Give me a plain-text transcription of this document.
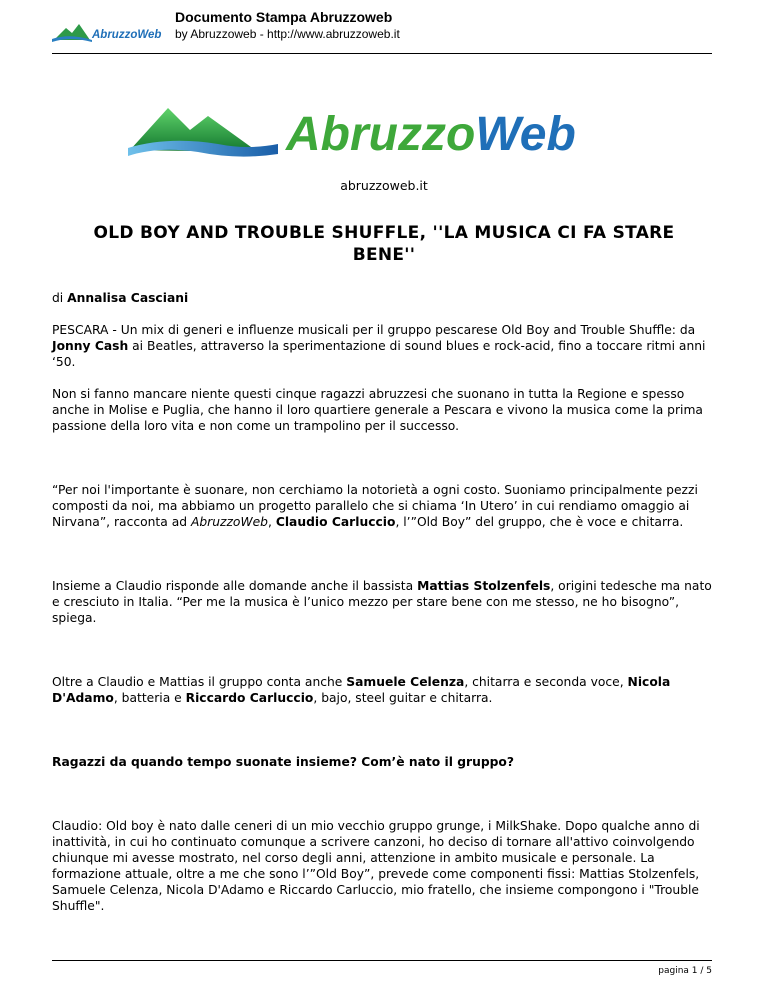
AbruzzoWeb
Documento Stampa Abruzzoweb
by Abruzzoweb - http://www.abruzzoweb.it
AbruzzoWeb
abruzzoweb.it
OLD BOY AND TROUBLE SHUFFLE, ''LA MUSICA CI FA STARE BENE''

di Annalisa Casciani

PESCARA - Un mix di generi e influenze musicali per il gruppo pescarese Old Boy and Trouble Shuffle: da Jonny Cash ai Beatles, attraverso la sperimentazione di sound blues e rock-acid, fino a toccare ritmi anni ‘50.

Non si fanno mancare niente questi cinque ragazzi abruzzesi che suonano in tutta la Regione e spesso anche in Molise e Puglia, che hanno il loro quartiere generale a Pescara e vivono la musica come la prima passione della loro vita e non come un trampolino per il successo.

“Per noi l'importante è suonare, non cerchiamo la notorietà a ogni costo. Suoniamo principalmente pezzi composti da noi, ma abbiamo un progetto parallelo che si chiama ‘In Utero’ in cui rendiamo omaggio ai Nirvana”, racconta ad AbruzzoWeb, Claudio Carluccio, l’”Old Boy” del gruppo, che è voce e chitarra.

Insieme a Claudio risponde alle domande anche il bassista Mattias Stolzenfels, origini tedesche ma nato e cresciuto in Italia. “Per me la musica è l’unico mezzo per stare bene con me stesso, ne ho bisogno”, spiega.

Oltre a Claudio e Mattias il gruppo conta anche Samuele Celenza, chitarra e seconda voce, Nicola D'Adamo, batteria e Riccardo Carluccio, bajo, steel guitar e chitarra.

Ragazzi da quando tempo suonate insieme? Com’è nato il gruppo?

Claudio: Old boy è nato dalle ceneri di un mio vecchio gruppo grunge, i MilkShake. Dopo qualche anno di inattività, in cui ho continuato comunque a scrivere canzoni, ho deciso di tornare all'attivo coinvolgendo chiunque mi avesse mostrato, nel corso degli anni, attenzione in ambito musicale e personale. La formazione attuale, oltre a me che sono l’”Old Boy”, prevede come componenti fissi: Mattias Stolzenfels, Samuele Celenza, Nicola D'Adamo e Riccardo Carluccio, mio fratello, che insieme compongono i "Trouble Shuffle".

pagina 1 / 5
